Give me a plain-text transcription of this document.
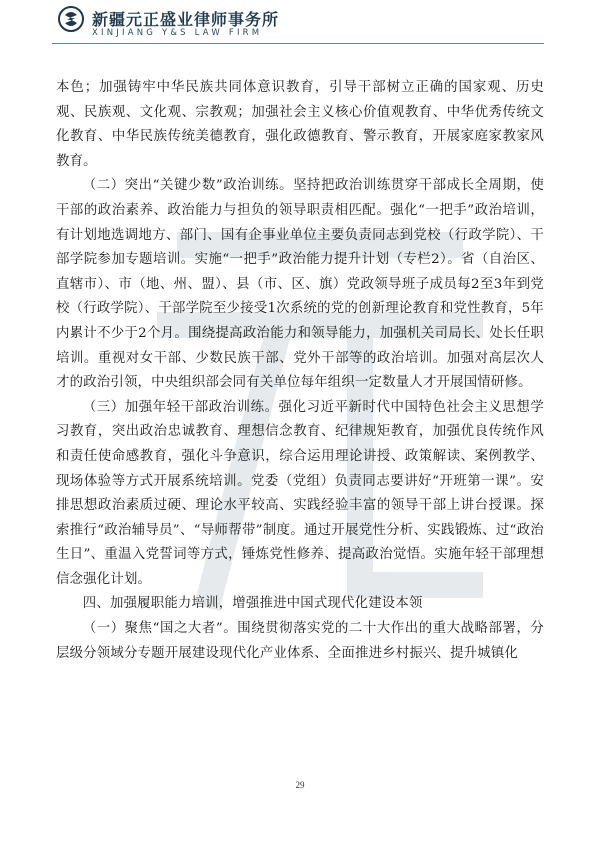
新疆元正盛业律师事务所
XINJIANG Y&S LAW FIRM

本色；加强铸牢中华民族共同体意识教育，引导干部树立正确的国家观、历史观、民族观、文化观、宗教观；加强社会主义核心价值观教育、中华优秀传统文化教育、中华民族传统美德教育，强化政德教育、警示教育，开展家庭家教家风教育。

（二）突出“关键少数”政治训练。坚持把政治训练贯穿干部成长全周期，使干部的政治素养、政治能力与担负的领导职责相匹配。强化“一把手”政治培训，有计划地选调地方、部门、国有企事业单位主要负责同志到党校（行政学院）、干部学院参加专题培训。实施“一把手”政治能力提升计划（专栏2）。省（自治区、直辖市）、市（地、州、盟）、县（市、区、旗）党政领导班子成员每2至3年到党校（行政学院）、干部学院至少接受1次系统的党的创新理论教育和党性教育，5年内累计不少于2个月。围绕提高政治能力和领导能力，加强机关司局长、处长任职培训。重视对女干部、少数民族干部、党外干部等的政治培训。加强对高层次人才的政治引领，中央组织部会同有关单位每年组织一定数量人才开展国情研修。

（三）加强年轻干部政治训练。强化习近平新时代中国特色社会主义思想学习教育，突出政治忠诚教育、理想信念教育、纪律规矩教育，加强优良传统作风和责任使命感教育，强化斗争意识，综合运用理论讲授、政策解读、案例教学、现场体验等方式开展系统培训。党委（党组）负责同志要讲好“开班第一课”。安排思想政治素质过硬、理论水平较高、实践经验丰富的领导干部上讲台授课。探索推行“政治辅导员”、“导师帮带”制度。通过开展党性分析、实践锻炼、过“政治生日”、重温入党誓词等方式，锤炼党性修养、提高政治觉悟。实施年轻干部理想信念强化计划。

四、加强履职能力培训，增强推进中国式现代化建设本领

（一）聚焦“国之大者”。围绕贯彻落实党的二十大作出的重大战略部署，分层级分领域分专题开展建设现代化产业体系、全面推进乡村振兴、提升城镇化

29
